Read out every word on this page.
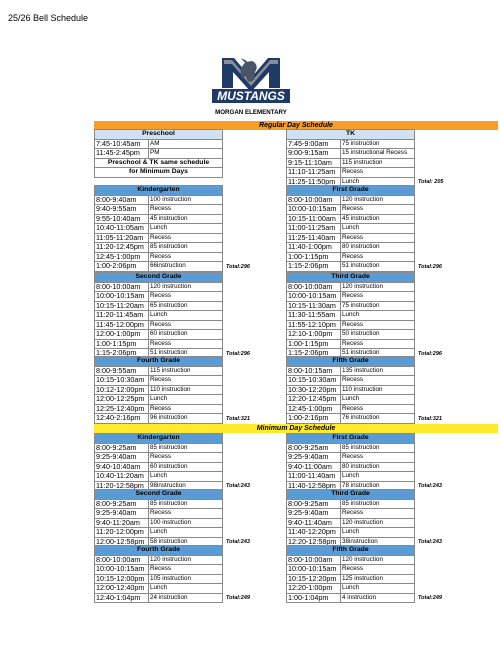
25/26 Bell Schedule
MUSTANGS
MORGAN ELEMENTARY
Regular Day Schedule
Minimum Day Schedule
Preschool		
7:45-10:45am	AM	
11:45-2:45pm	PM	
Preschool & TK same schedule		
for Minimum Days		
Kindergarten		
8:00-9:40am	100 instruction	
9:40-9:55am	Recess	
9:55-10:40am	45 instruction	
10:40-11:05am	Lunch	
11:05-11:20am	Recess	
11:20-12:45pm	85 instruction	
12:45-1:00pm	Recess	
1:00-2:06pm	66instruction	Total:296
Second Grade		
8:00-10:00am	120 instruction	
10:00-10:15am	Recess	
10:15-11:20am	65 instruction	
11:20-11:45am	Lunch	
11:45-12:00pm	Recess	
12:00-1:00pm	60 instruction	
1:00-1:15pm	Recess	
1:15-2:06pm	51 instruction	Total:296
Fourth Grade		
8:00-9:55am	115 instruction	
10:15-10:30am	Recess	
10:12-12:00pm	110 instruction	
12:00-12:25pm	Lunch	
12:25-12:40pm	Recess	
12:40-2:16pm	96 instruction	Total:321
TK		
7:45-9:00am	75 instruction	
9:00-9:15am	15 instructional Recess	
9:15-11:10am	115 instruction	
11:10-11:25am	Recess	
11:25-11:50pm	Lunch	Total: 205
First Grade		
8:00-10:00am	120 instruction	
10:00-10:15am	Recess	
10:15-11:00am	45 instruction	
11:00-11:25am	Lunch	
11:25-11:40am	Recess	
11:40-1:00pm	80 instruction	
1:00-1:15pm	Recess	
1:15-2:06pm	51 instruction	Total:296
Third Grade		
8:00-10:00am	120 instruction	
10:00-10:15am	Recess	
10:15-11:30am	75 instruction	
11:30-11:55am	Lunch	
11:55-12:10pm	Recess	
12:10-1:00pm	50 instruction	
1:00-1:15pm	Recess	
1:15-2:06pm	51 instruction	Total:296
Fifth Grade		
8:00-10:15am	135 instruction	
10:15-10:30am	Recess	
10:30-12:20pm	110 instruction	
12:20-12:45pm	Lunch	
12:45-1:00pm	Recess	
1:00-2:16pm	76 instruction	Total:321
Kindergarten		
8:00-9:25am	85 instruction	
9:25-9:40am	Recess	
9:40-10:40am	60 instruction	
10:40-11:20am	Lunch	
11:20-12:58pm	98instruction	Total:243
Second Grade		
8:00-9:25am	85 instruction	
9:25-9:40am	Recess	
9:40-11:20am	100 instruction	
11:20-12:00pm	Lunch	
12:00-12:58pm	58 instruction	Total:243
Fourth Grade		
8:00-10:00am	120 instruction	
10:00-10:15am	Recess	
10:15-12:00pm	105 instruction	
12:00-12:40pm	Lunch	
12:40-1:04pm	24 instruction	Total:249
First Grade		
8:00-9:25am	85 instruction	
9:25-9:40am	Recess	
9:40-11:00am	80 instruction	
11:00-11:40am	Lunch	
11:40-12:58pm	78 instruction	Total:243
Third Grade		
8:00-9:25am	85 instruction	
9:25-9:40am	Recess	
9:40-11:40am	120 instruction	
11:40-12:20pm	Lunch	
12:20-12:58pm	38instruction	Total:243
Fifth Grade		
8:00-10:00am	120 instruction	
10:00-10:15am	Recess	
10:15-12:20pm	125 instruction	
12:20-1:00pm	Lunch	
1:00-1:04pm	4 instruction	Total:249
